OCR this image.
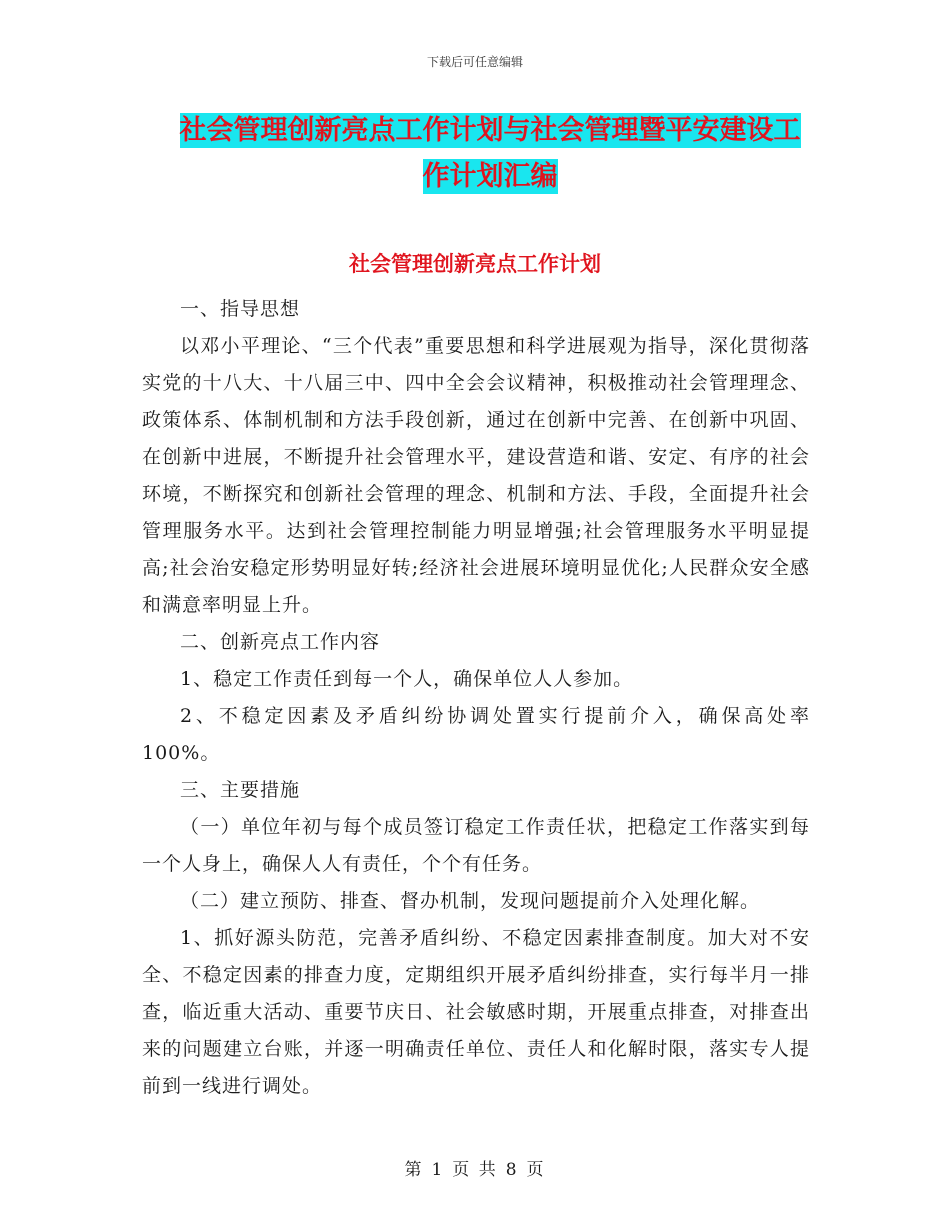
下载后可任意编辑
社会管理创新亮点工作计划与社会管理暨平安建设工
作计划汇编
社会管理创新亮点工作计划

一、指导思想

以邓小平理论、“三个代表”重要思想和科学进展观为指导，深化贯彻落实党的十八大、十八届三中、四中全会会议精神，积极推动社会管理理念、政策体系、体制机制和方法手段创新，通过在创新中完善、在创新中巩固、在创新中进展，不断提升社会管理水平，建设营造和谐、安定、有序的社会环境，不断探究和创新社会管理的理念、机制和方法、手段，全面提升社会管理服务水平。达到社会管理控制能力明显增强;社会管理服务水平明显提高;社会治安稳定形势明显好转;经济社会进展环境明显优化;人民群众安全感和满意率明显上升。

二、创新亮点工作内容

1、稳定工作责任到每一个人，确保单位人人参加。

2、不稳定因素及矛盾纠纷协调处置实行提前介入，确保高处率100%。

三、主要措施

（一）单位年初与每个成员签订稳定工作责任状，把稳定工作落实到每一个人身上，确保人人有责任，个个有任务。

（二）建立预防、排查、督办机制，发现问题提前介入处理化解。

1、抓好源头防范，完善矛盾纠纷、不稳定因素排查制度。加大对不安全、不稳定因素的排查力度，定期组织开展矛盾纠纷排查，实行每半月一排查，临近重大活动、重要节庆日、社会敏感时期，开展重点排查，对排查出来的问题建立台账，并逐一明确责任单位、责任人和化解时限，落实专人提前到一线进行调处。

第 1 页 共 8 页
